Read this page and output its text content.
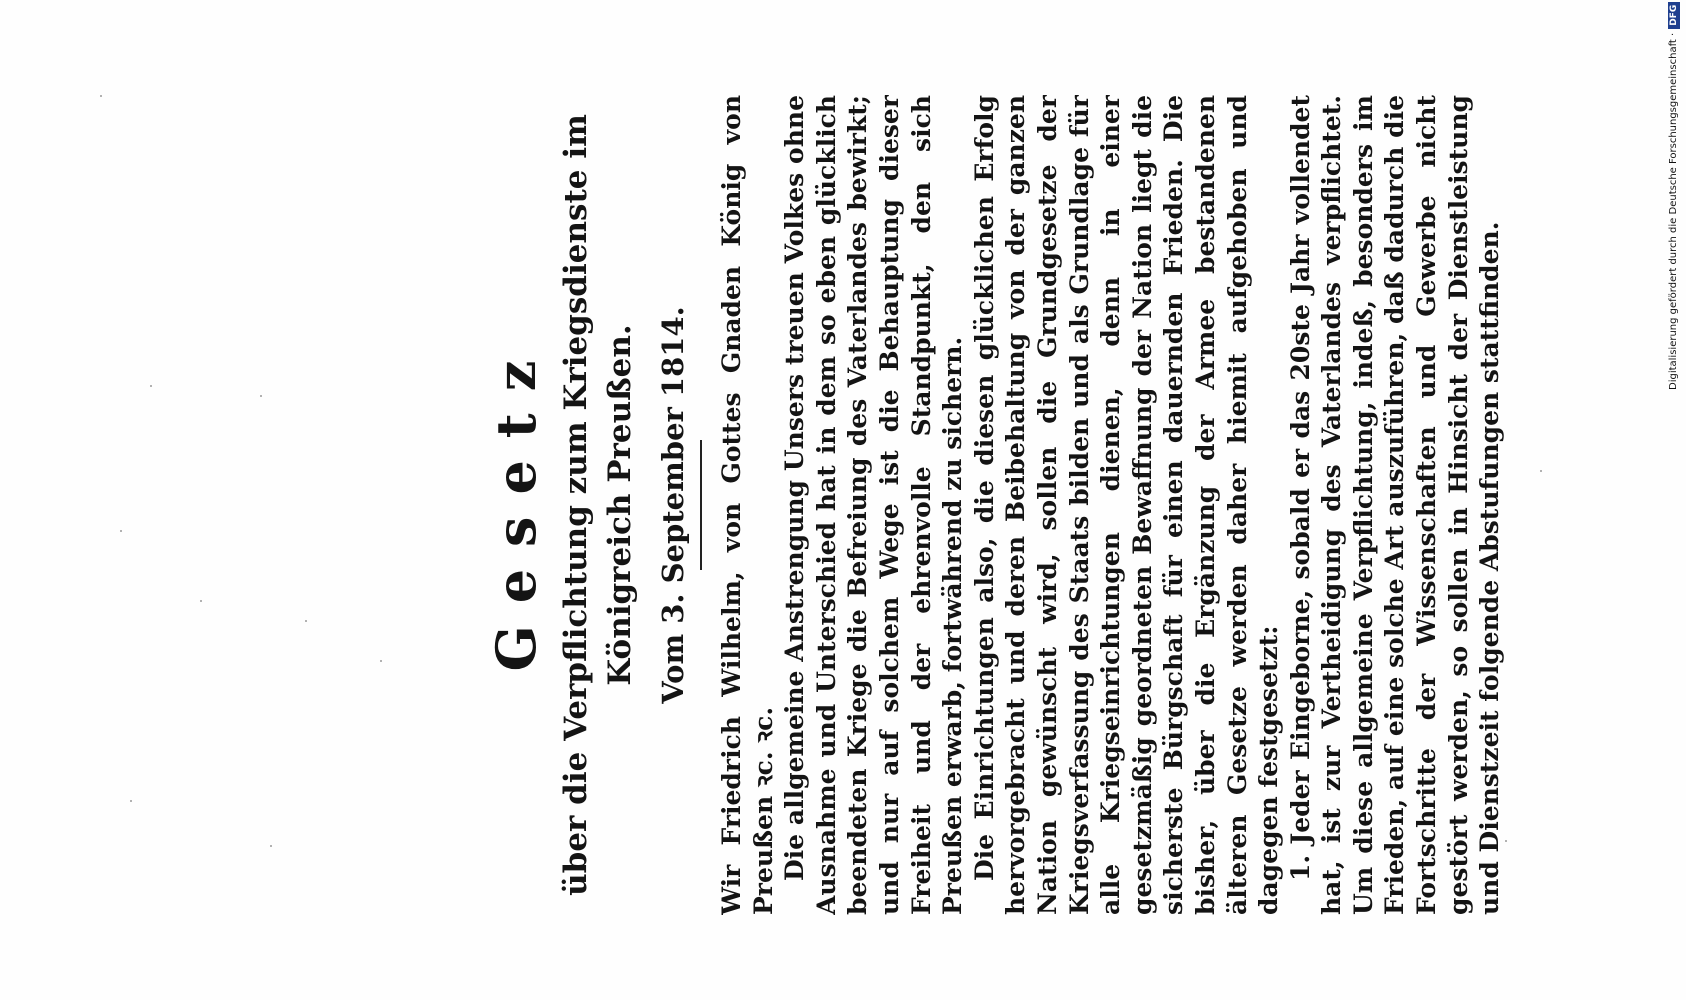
Gesetz über die Verpflichtung zum Kriegsdienste im Königreich Preußen. Vom 3. September 1814. Wir Friedrich Wilhelm, von Gottes Gnaden König von Preußen ꝛc. ꝛc. Die allgemeine Anstrengung Unsers treuen Volkes ohne Ausnahme und Unterschied hat in dem so eben glücklich beendeten Kriege die Befreiung des Vaterlandes bewirkt; und nur auf solchem Wege ist die Behauptung dieser Freiheit und der ehrenvolle Standpunkt, den sich Preußen erwarb, fortwährend zu sichern. Die Einrichtungen also, die diesen glücklichen Erfolg hervorgebracht und deren Beibehaltung von der ganzen Nation gewünscht wird, sollen die Grundgesetze der Kriegsverfassung des Staats bilden und als Grundlage für alle Kriegseinrichtungen dienen, denn in einer gesetzmäßig geordneten Bewaffnung der Nation liegt die sicherste Bürgschaft für einen dauernden Frieden. Die bisher, über die Ergänzung der Armee bestandenen älteren Gesetze werden daher hiemit aufgehoben und dagegen festgesetzt: 1. Jeder Eingeborne, sobald er das 20ste Jahr vollendet hat, ist zur Vertheidigung des Vaterlandes verpflichtet. Um diese allgemeine Verpflichtung, indeß, besonders im Frieden, auf eine solche Art auszuführen, daß dadurch die Fortschritte der Wissenschaften und Gewerbe nicht gestört werden, so sollen in Hinsicht der Dienstleistung und Dienstzeit folgende Abstufungen stattfinden.

Digitalisierung gefördert durch die Deutsche Forschungsgemeinschaft ·DFG
